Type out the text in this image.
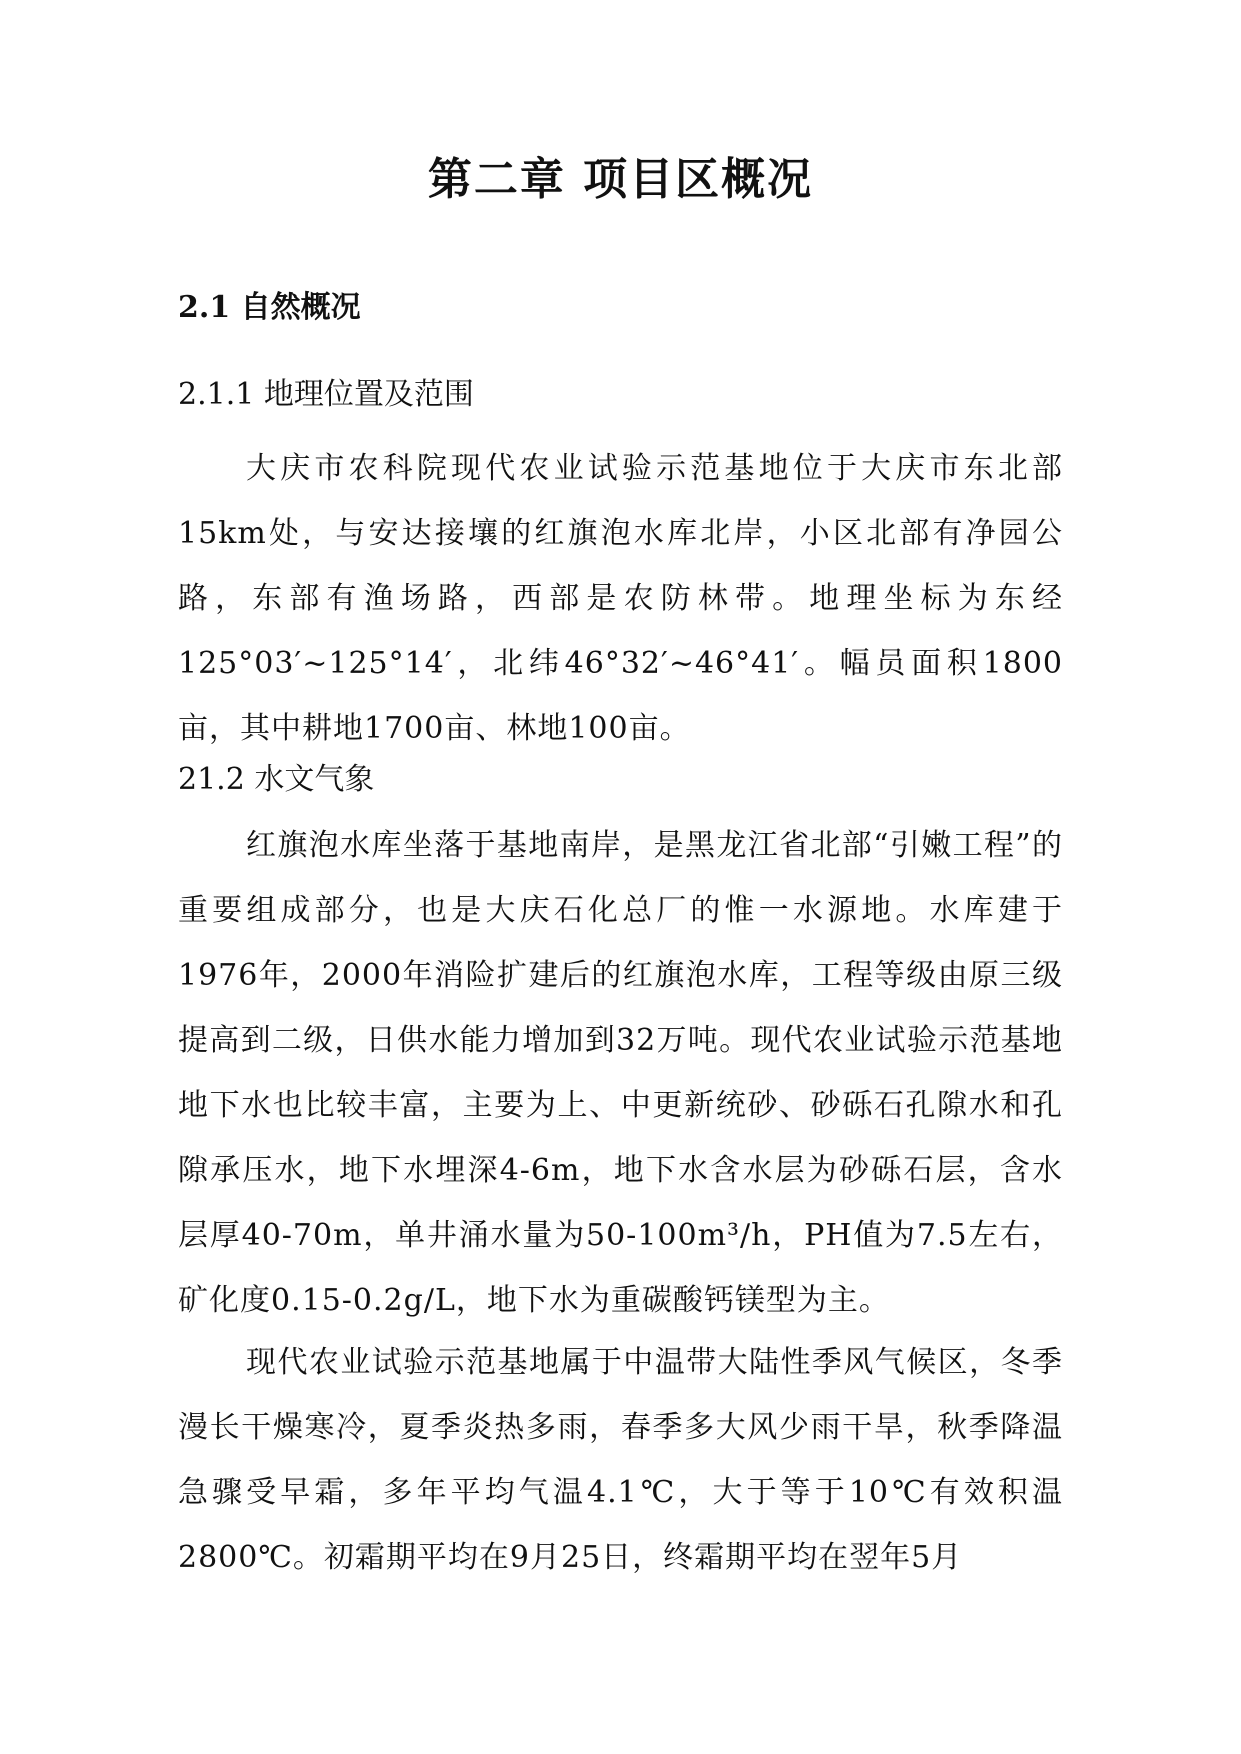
第二章 项目区概况
2.1 自然概况
2.1.1 地理位置及范围

大庆市农科院现代农业试验示范基地位于大庆市东北部15km处，与安达接壤的红旗泡水库北岸，小区北部有净园公路，东部有渔场路，西部是农防林带。地理坐标为东经125°03′~125°14′，北纬46°32′~46°41′。幅员面积1800亩，其中耕地1700亩、林地100亩。

21.2 水文气象

红旗泡水库坐落于基地南岸，是黑龙江省北部“引嫩工程”的重要组成部分，也是大庆石化总厂的惟一水源地。水库建于1976年，2000年消险扩建后的红旗泡水库，工程等级由原三级提高到二级，日供水能力增加到32万吨。现代农业试验示范基地地下水也比较丰富，主要为上、中更新统砂、砂砾石孔隙水和孔隙承压水，地下水埋深4-6m，地下水含水层为砂砾石层，含水层厚40-70m，单井涌水量为50-100m³/h，PH值为7.5左右，矿化度0.15-0.2g/L，地下水为重碳酸钙镁型为主。

现代农业试验示范基地属于中温带大陆性季风气候区，冬季漫长干燥寒冷，夏季炎热多雨，春季多大风少雨干旱，秋季降温急骤受早霜，多年平均气温4.1℃，大于等于10℃有效积温2800℃。初霜期平均在9月25日，终霜期平均在翌年5月
